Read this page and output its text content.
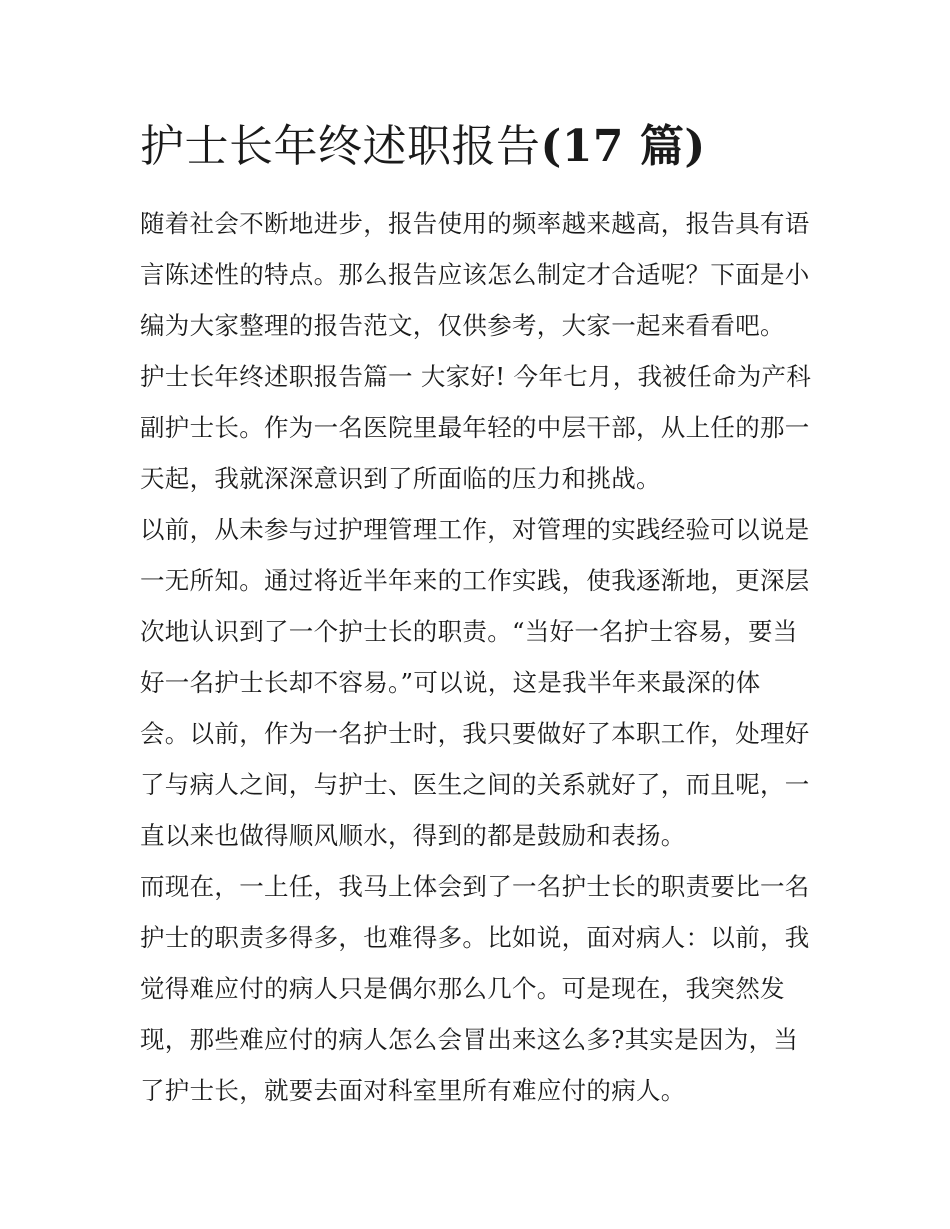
护士长年终述职报告(17 篇)
随着社会不断地进步，报告使用的频率越来越高，报告具有语
言陈述性的特点。那么报告应该怎么制定才合适呢？下面是小
编为大家整理的报告范文，仅供参考，大家一起来看看吧。
护士长年终述职报告篇一 大家好! 今年七月，我被任命为产科
副护士长。作为一名医院里最年轻的中层干部，从上任的那一
天起，我就深深意识到了所面临的压力和挑战。
以前，从未参与过护理管理工作，对管理的实践经验可以说是
一无所知。通过将近半年来的工作实践，使我逐渐地，更深层
次地认识到了一个护士长的职责。“当好一名护士容易，要当
好一名护士长却不容易。”可以说，这是我半年来最深的体
会。以前，作为一名护士时，我只要做好了本职工作，处理好
了与病人之间，与护士、医生之间的关系就好了，而且呢，一
直以来也做得顺风顺水，得到的都是鼓励和表扬。
而现在，一上任，我马上体会到了一名护士长的职责要比一名
护士的职责多得多，也难得多。比如说，面对病人：以前，我
觉得难应付的病人只是偶尔那么几个。可是现在，我突然发
现，那些难应付的病人怎么会冒出来这么多?其实是因为，当
了护士长，就要去面对科室里所有难应付的病人。
